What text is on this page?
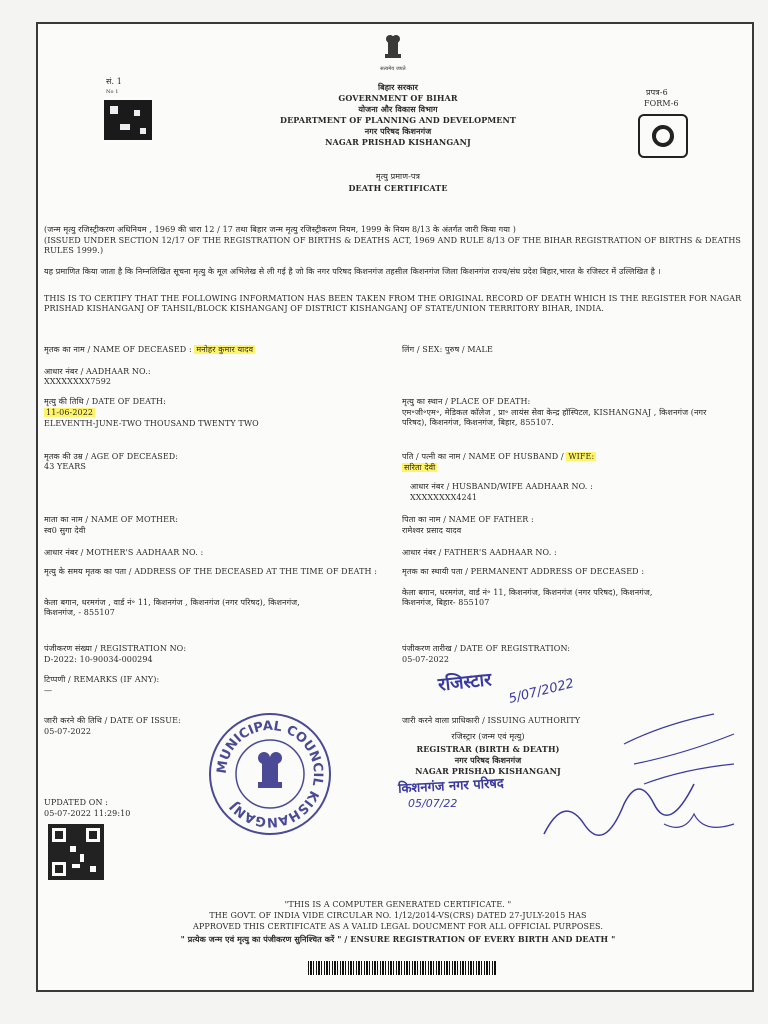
सत्यमेव जयते
सं. 1
No 1	बिहार सरकार
GOVERNMENT OF BIHAR
योजना और विकास विभाग
DEPARTMENT OF PLANNING AND DEVELOPMENT
नगर परिषद किशनगंज
NAGAR PRISHAD KISHANGANJ
प्रपत्र-6
FORM-6
मृत्यु प्रमाण-पत्र
DEATH CERTIFICATE
(जन्म मृत्यु रजिस्ट्रीकरण अधिनियम , 1969 की धारा 12 / 17 तथा बिहार जन्म मृत्यु रजिस्ट्रीकरण नियम, 1999 के नियम 8/13 के अंतर्गत जारी किया गया )
(ISSUED UNDER SECTION 12/17 OF THE REGISTRATION OF BIRTHS & DEATHS ACT, 1969 AND RULE 8/13 OF THE BIHAR REGISTRATION OF BIRTHS & DEATHS RULES 1999.)
यह प्रमाणित किया जाता है कि निम्नलिखित सूचना मृत्यु के मूल अभिलेख से ली गई है जो कि नगर परिषद किशनगंज तहसील किशनगंज जिला किशनगंज राज्य/संघ प्रदेश बिहार,भारत के रजिस्टर में उल्लिखित है ।
THIS IS TO CERTIFY THAT THE FOLLOWING INFORMATION HAS BEEN TAKEN FROM THE ORIGINAL RECORD OF DEATH WHICH IS THE REGISTER FOR NAGAR PRISHAD KISHANGANJ OF TAHSIL/BLOCK KISHANGANJ OF DISTRICT KISHANGANJ OF STATE/UNION TERRITORY BIHAR, INDIA.
मृतक का नाम / NAME OF DECEASED : मनोहर कुमार यादव
आधार नंबर / AADHAAR NO.:
XXXXXXXX7592
मृत्यु की तिथि / DATE OF DEATH:
11-06-2022
ELEVENTH-JUNE-TWO THOUSAND TWENTY TWO
मृतक की उम्र / AGE OF DECEASED:
43 YEARS
माता का नाम / NAME OF MOTHER:
स्व0 सुगा देवी
आधार नंबर / MOTHER'S AADHAAR NO. :
मृत्यु के समय मृतक का पता / ADDRESS OF THE DECEASED AT THE TIME OF DEATH :
केला बगान, धरमगंज , वार्ड नं॰ 11, किशनगंज , किशनगंज (नगर परिषद), किशनगंज, किशनगंज, - 855107
पंजीकरण संख्या / REGISTRATION NO:
D-2022: 10-90034-000294
टिप्पणी / REMARKS (IF ANY):
—
जारी करने की तिथि / DATE OF ISSUE:
05-07-2022
UPDATED ON :
05-07-2022 11:29:10
लिंग / SEX: पुरुष / MALE
मृत्यु का स्थान / PLACE OF DEATH:
एम॰जी॰एम॰, मेडिकल कॉलेज , प्रा॰ लायंस सेवा केन्द्र हॉस्पिटल, KISHANGNAJ , किशनगंज (नगर परिषद), किशनगंज, किशनगंज, बिहार, 855107.
पति / पत्नी का नाम / NAME OF HUSBAND / WIFE:
सरिता देवी
आधार नंबर / HUSBAND/WIFE AADHAAR NO. :
XXXXXXXX4241
पिता का नाम / NAME OF FATHER :
रामेश्वर प्रसाद यादव
आधार नंबर / FATHER'S AADHAAR NO. :
मृतक का स्थायी पता / PERMANENT ADDRESS OF DECEASED :
केला बगान, धरमगंज, वार्ड नं॰ 11, किशनगंज, किशनगंज (नगर परिषद), किशनगंज, किशनगंज, बिहार- 855107
पंजीकरण तारीख / DATE OF REGISTRATION:
05-07-2022
जारी करने वाला प्राधिकारी / ISSUING AUTHORITY
रजिस्ट्रार (जन्म एवं मृत्यु)
REGISTRAR (BIRTH & DEATH)
नगर परिषद किशनगंज
NAGAR PRISHAD KISHANGANJ
MUNICIPAL COUNCIL KISHANGANJ
रजिस्टार 5/07/2022
किशनगंज नगर परिषद
05/07/22
"THIS IS A COMPUTER GENERATED CERTIFICATE. "
THE GOVT. OF INDIA VIDE CIRCULAR NO. 1/12/2014-VS(CRS) DATED 27-JULY-2015 HAS
APPROVED THIS CERTIFICATE AS A VALID LEGAL DOUCMENT FOR ALL OFFICIAL PURPOSES.
" प्रत्येक जन्म एवं मृत्यु का पंजीकरण सुनिश्चित करें " / ENSURE REGISTRATION OF EVERY BIRTH AND DEATH "
